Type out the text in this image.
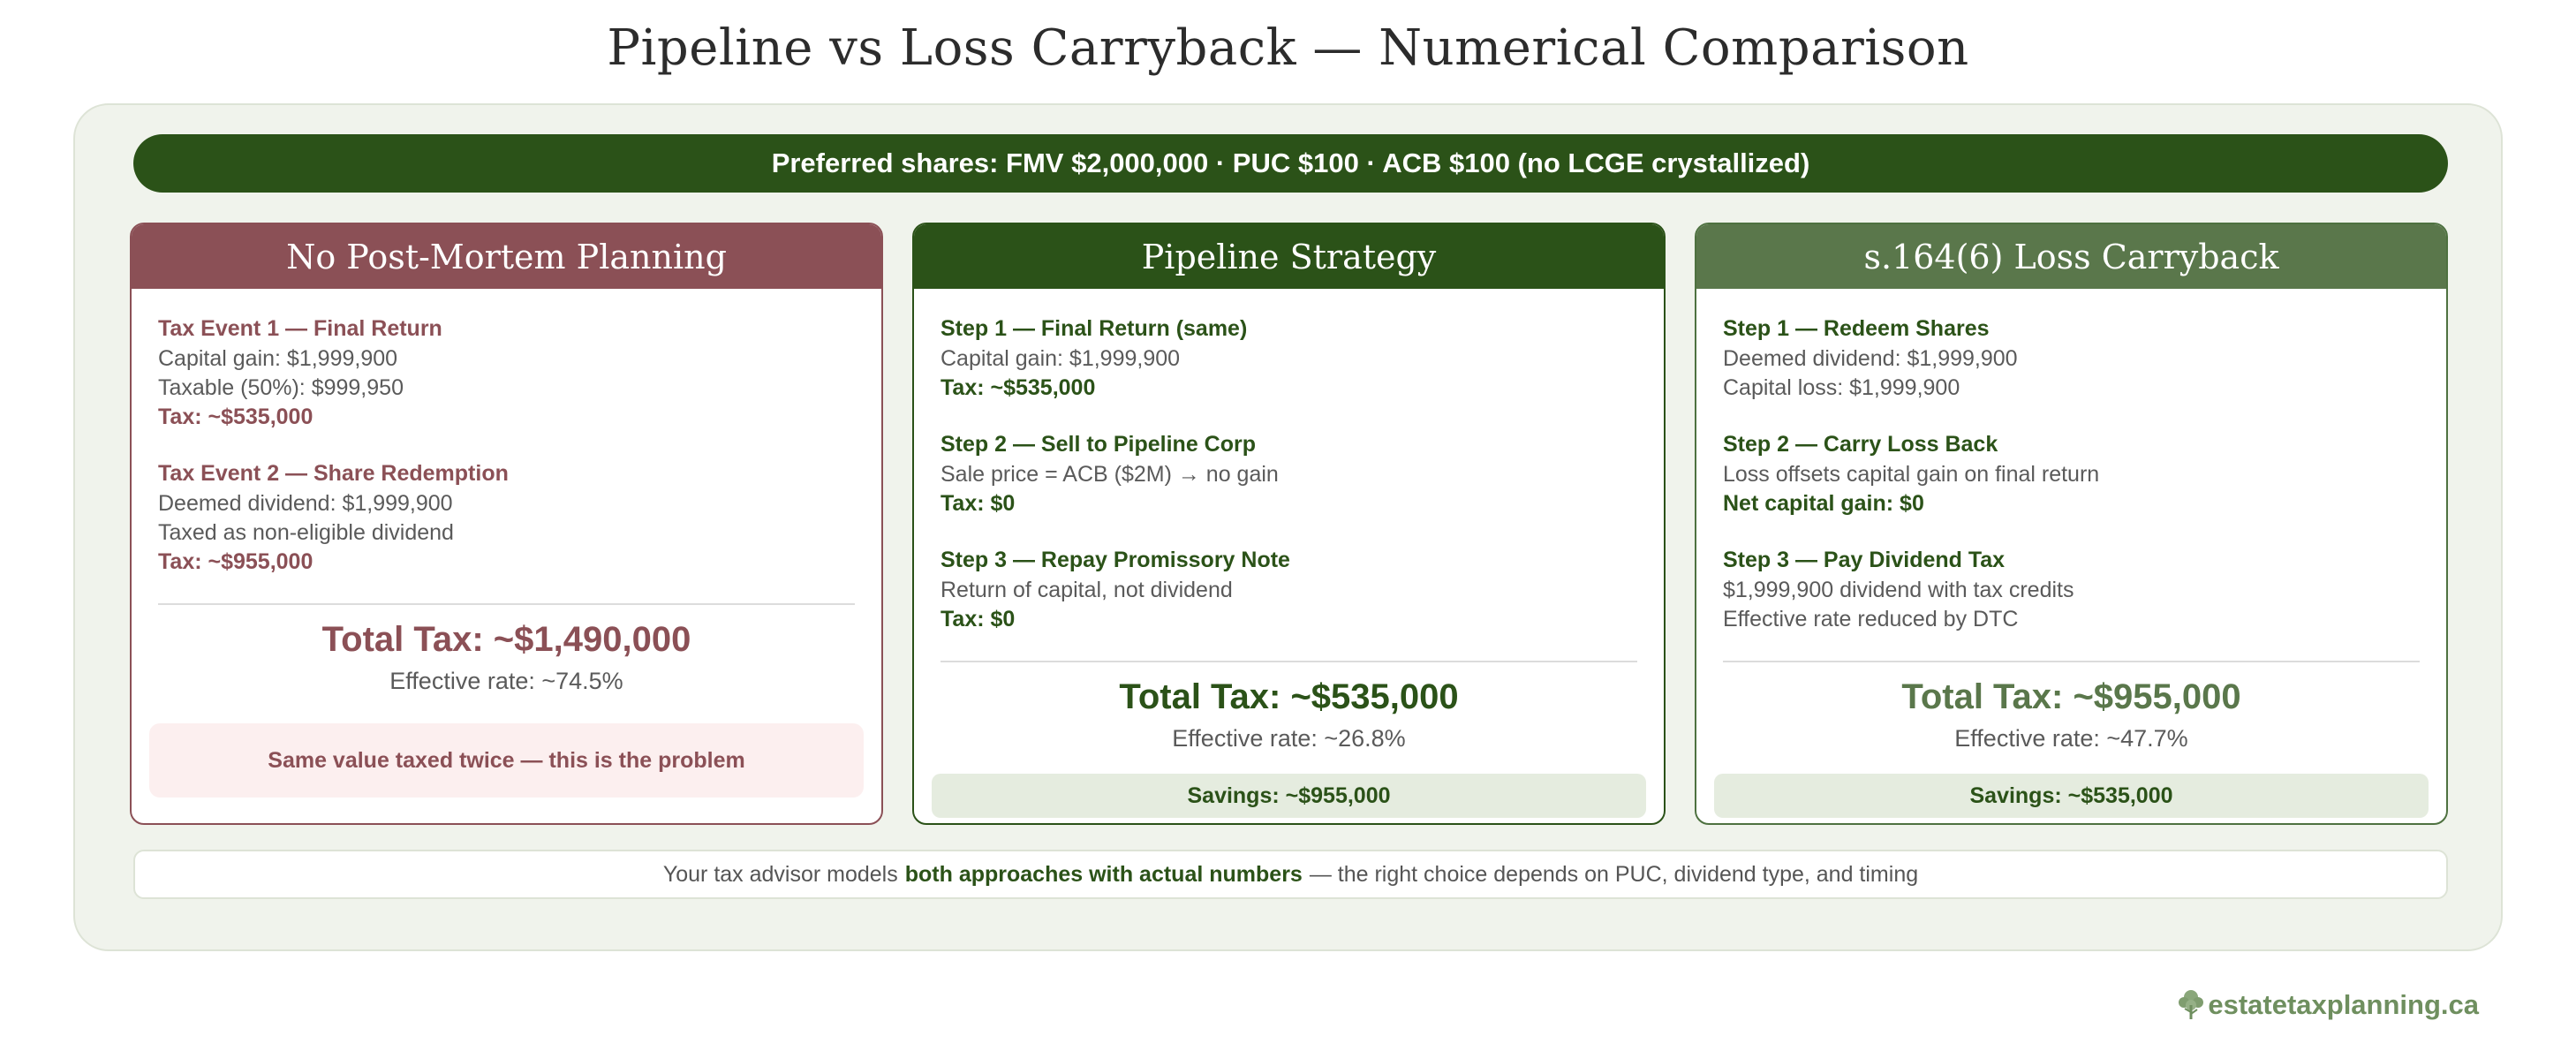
Pipeline vs Loss Carryback — Numerical Comparison
Preferred shares: FMV $2,000,000 · PUC $100 · ACB $100 (no LCGE crystallized)
No Post-Mortem Planning
Tax Event 1 — Final Return
Capital gain: $1,999,900
Taxable (50%): $999,950
Tax: ~$535,000
Tax Event 2 — Share Redemption
Deemed dividend: $1,999,900
Taxed as non-eligible dividend
Tax: ~$955,000
Total Tax: ~$1,490,000
Effective rate: ~74.5%
Same value taxed twice — this is the problem
Pipeline Strategy
Step 1 — Final Return (same)
Capital gain: $1,999,900
Tax: ~$535,000
Step 2 — Sell to Pipeline Corp
Sale price = ACB ($2M) → no gain
Tax: $0
Step 3 — Repay Promissory Note
Return of capital, not dividend
Tax: $0
Total Tax: ~$535,000
Effective rate: ~26.8%
Savings: ~$955,000
s.164(6) Loss Carryback
Step 1 — Redeem Shares
Deemed dividend: $1,999,900
Capital loss: $1,999,900
Step 2 — Carry Loss Back
Loss offsets capital gain on final return
Net capital gain: $0
Step 3 — Pay Dividend Tax
$1,999,900 dividend with tax credits
Effective rate reduced by DTC
Total Tax: ~$955,000
Effective rate: ~47.7%
Savings: ~$535,000
Your tax advisor models both approaches with actual numbers — the right choice depends on PUC, dividend type, and timing
estatetaxplanning.ca
